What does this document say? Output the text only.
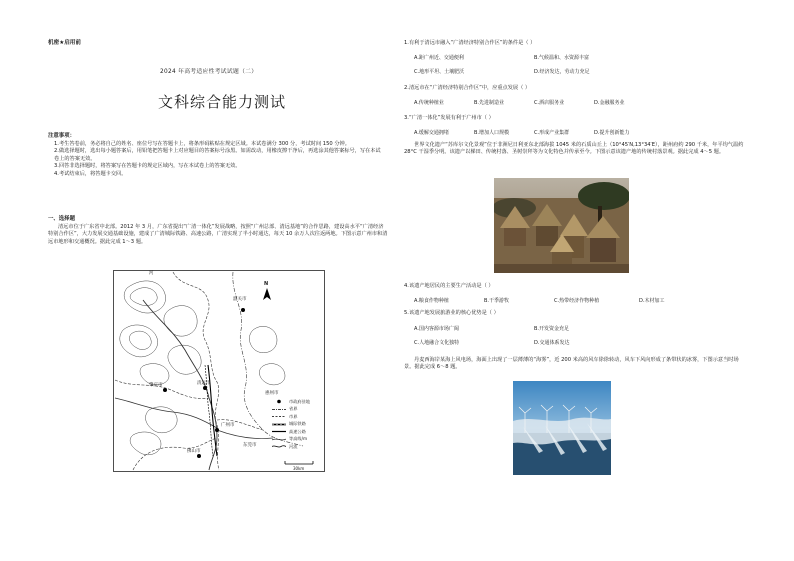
机密★启用前
2024 年高考适应性考试试题（二）
文科综合能力测试
注意事项：
1.考生答卷前，务必将自己的姓名、座位号写在答题卡上，将条形码粘贴在规定区域。本试卷满分 300 分，考试时间 150 分钟。
2.做选择题时，选出每小题答案后，用铅笔把答题卡上对应题目的答案标号涂黑。如需改动，用橡皮擦干净后，再选涂其他答案标号，写在本试卷上的答案无效。
3.回答非选择题时，将答案写在答题卡的规定区域内，写在本试卷上的答案无效。
4.考试结束后，将答题卡交回。
一、选择题
清远市位于广东省中北部。2012 年 3 月，广东省提出“广清一体化”发展战略，按照“广州总部、清远基地”的合作思路，建设高水平“广清经济特别合作区”，大力发展交通基础设施，建成了广清城际铁路、高速公路，广清实现了半小时通达，每天 10 余万人次往返两地。下图示意广州市和清远市地形和交通概况。据此完成 1～3 题。
河
韶关市
N
清远市
肇庆市
广州市
佛山市
东莞市
惠州市
30km
市政府驻地
省界
市界
城际铁路
高速公路
等高线/m
河流
1.有利于清远市融入“广清经济特别合作区”的条件是（ ）
A.距广州近、交通便利	B.气候温和、水资源丰富
C.地形平坦、土壤肥沃	D.经济发达，劳动力充足
2.清远市在“广清经济特别合作区”中，应重点发展（ ）
A.传统种植业	B.先进制造业	C.酒店服务业	D.金融服务业
3.“广清一体化”发展有利于广州市（ ）
A.缓解交通拥堵	B.增加人口规模	C.形成产业集群	D.提升创新能力
世界文化遗产“苏库尔文化景观”位于非洲尼日利亚东北部海拔 1045 米的石质山丘上（10°45′N,13°34′E），距州府约 290 千米，年平均气温约 28°C 干湿季分明。该遗产以梯田、传统村落、圣树崇拜等为文化特色并传承至今。下图示意该遗产地的传统村落景观。据此完成 4～5 题。
4.该遗产地居民的主要生产活动是（ ）
A.粮食作物种植	B.干季游牧	C.热带经济作物种植	D.木材加工
5.该遗产地发展旅游业的核心优势是（ ）
A.国内客源市场广阔	B.开发资金充足
C.人地融合文化独特	D.交通体系发达
丹麦西海岸某海上风电场，海面上出现了一层薄薄的“海雾”，近 200 米高的风车徐徐转动，风车下风向形成了条带状的冰雾，下图示意当时场景。据此完成 6～8 题。
